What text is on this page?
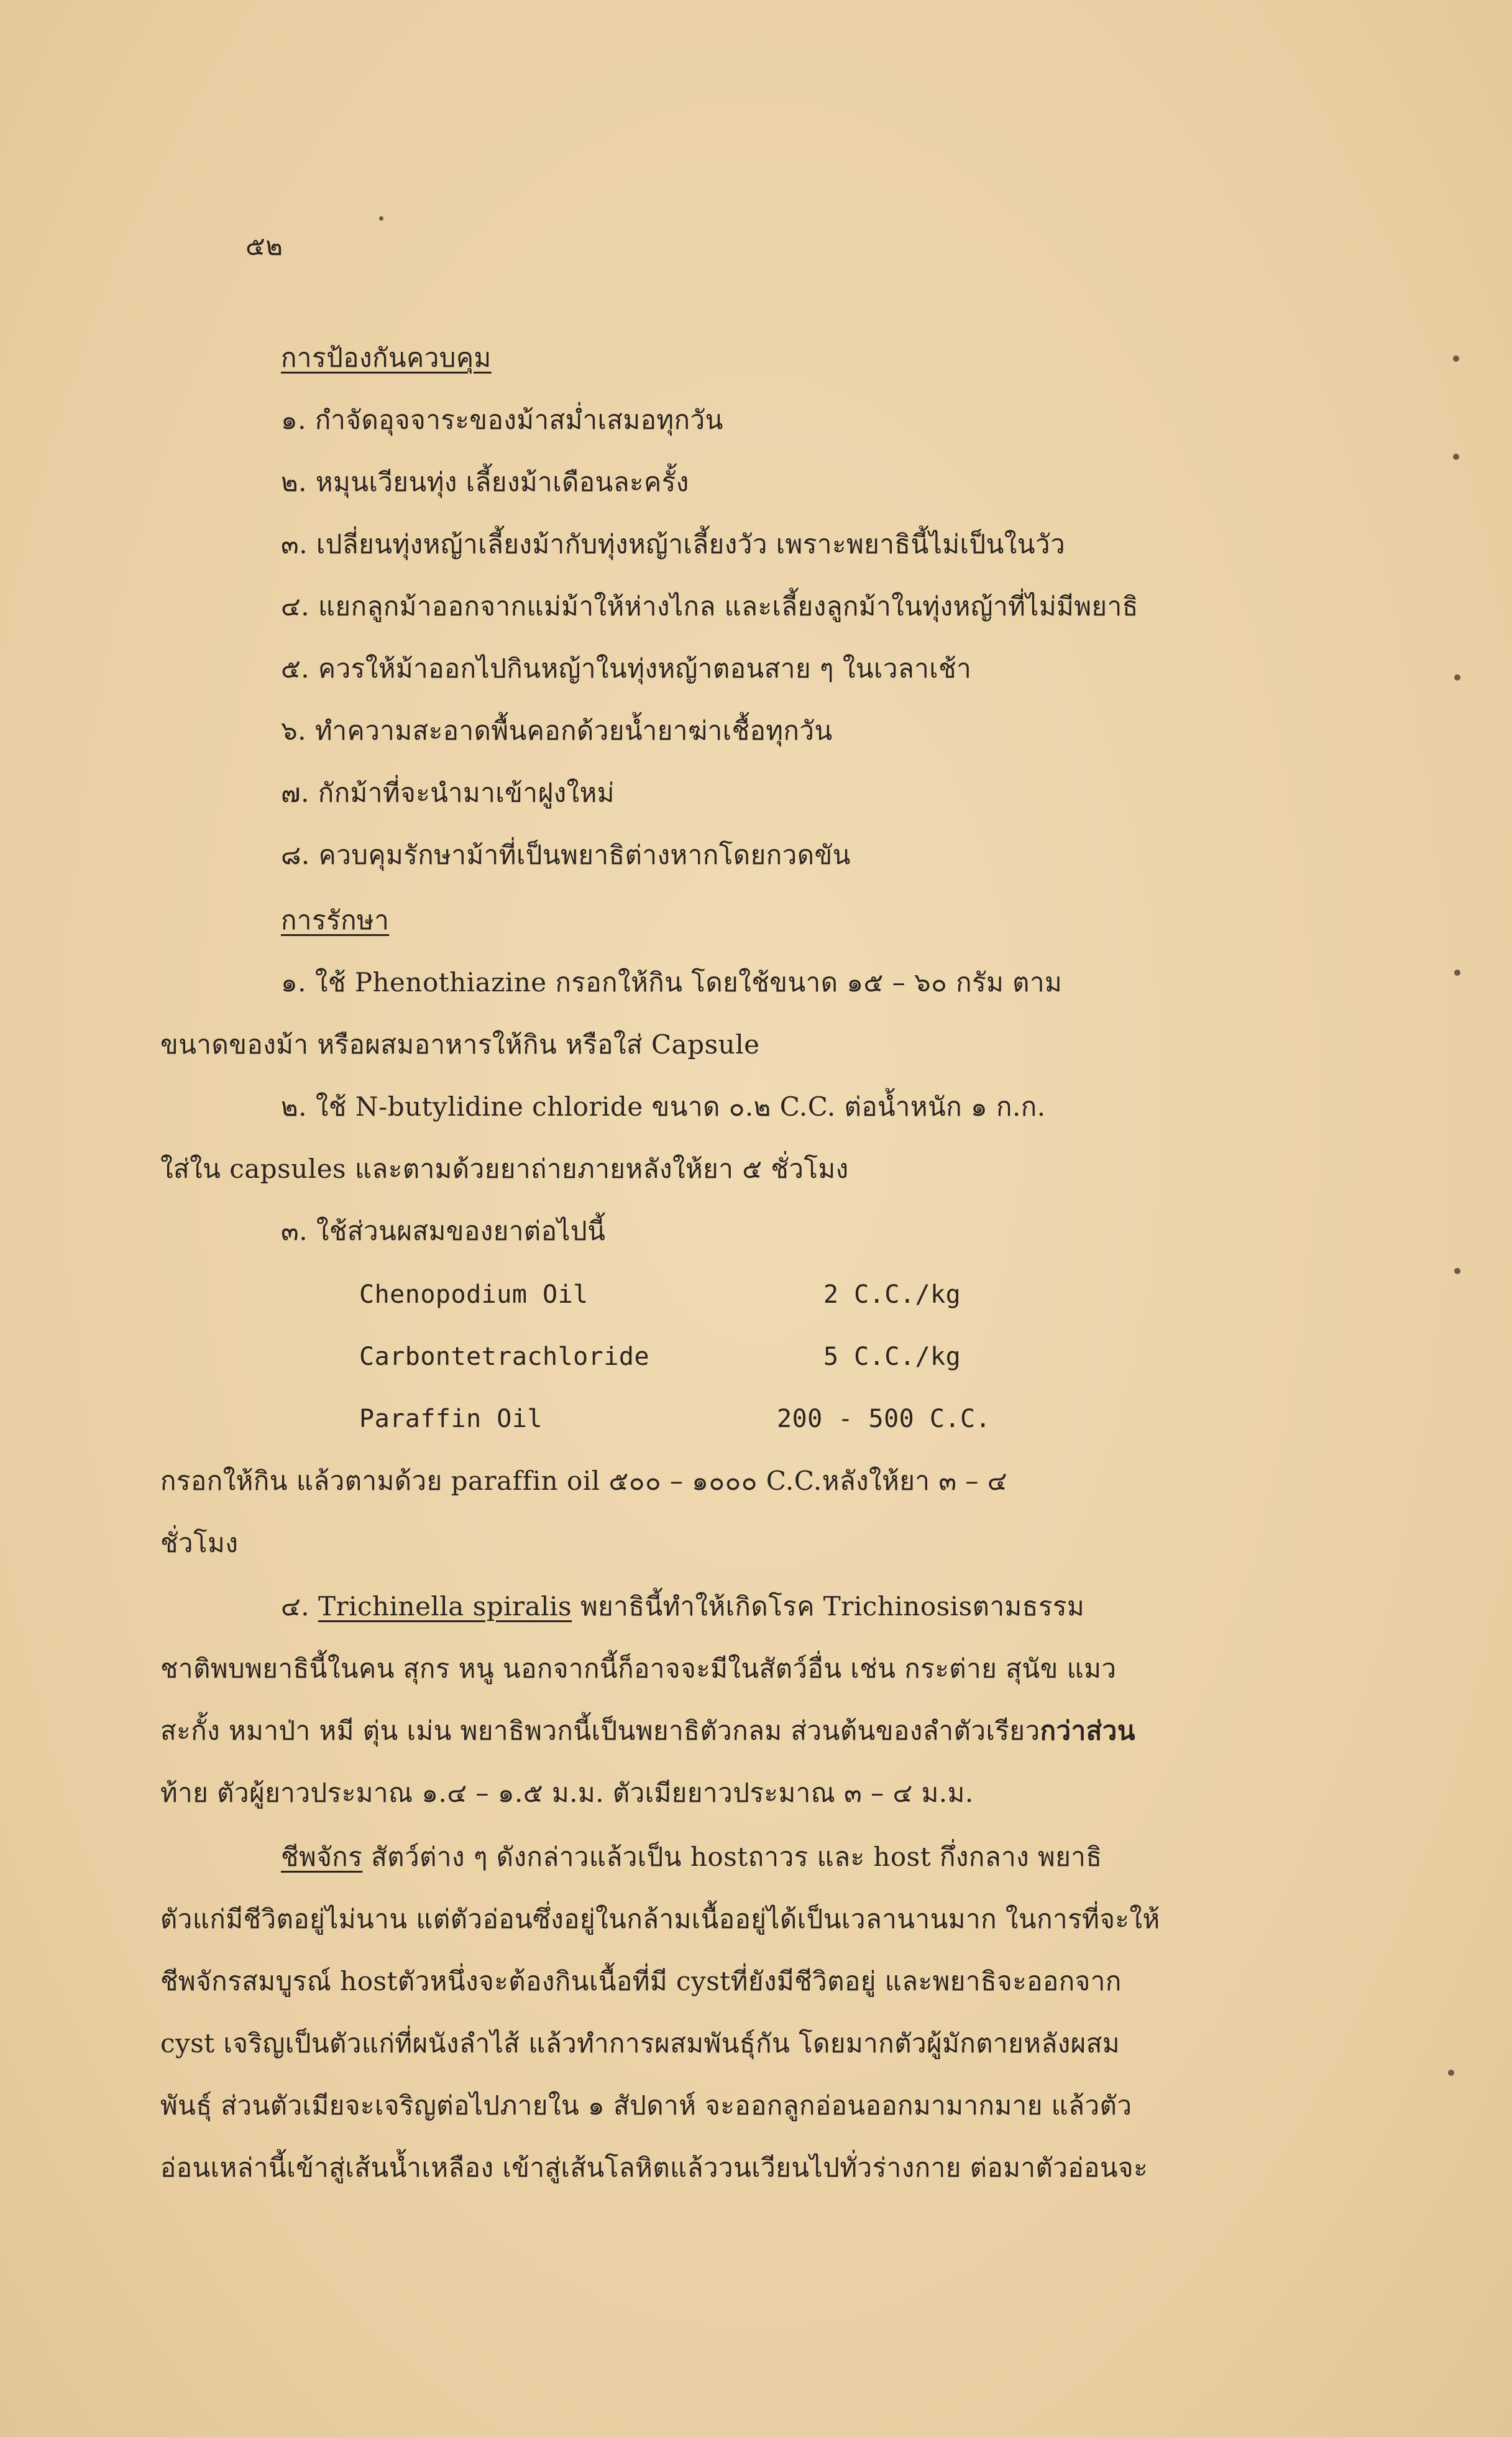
๕๒
การป้องกันควบคุม
๑. กำจัดอุจจาระของม้าสม่ำเสมอทุกวัน
๒. หมุนเวียนทุ่ง เลี้ยงม้าเดือนละครั้ง
๓. เปลี่ยนทุ่งหญ้าเลี้ยงม้ากับทุ่งหญ้าเลี้ยงวัว เพราะพยาธินี้ไม่เป็นในวัว
๔. แยกลูกม้าออกจากแม่ม้าให้ห่างไกล และเลี้ยงลูกม้าในทุ่งหญ้าที่ไม่มีพยาธิ
๕. ควรให้ม้าออกไปกินหญ้าในทุ่งหญ้าตอนสาย ๆ ในเวลาเช้า
๖. ทำความสะอาดพื้นคอกด้วยน้ำยาฆ่าเชื้อทุกวัน
๗. กักม้าที่จะนำมาเข้าฝูงใหม่
๘. ควบคุมรักษาม้าที่เป็นพยาธิต่างหากโดยกวดขัน
การรักษา
๑. ใช้ Phenothiazine กรอกให้กิน โดยใช้ขนาด ๑๕ – ๖๐ กรัม ตาม
ขนาดของม้า หรือผสมอาหารให้กิน หรือใส่ Capsule
๒. ใช้ N-butylidine chloride ขนาด ๐.๒ C.C. ต่อน้ำหนัก ๑ ก.ก.
ใส่ใน capsules และตามด้วยยาถ่ายภายหลังให้ยา ๕ ชั่วโมง
๓. ใช้ส่วนผสมของยาต่อไปนี้
Chenopodium Oil	2 C.C./kg
Carbontetrachloride	5 C.C./kg
Paraffin Oil	200 - 500 C.C.
กรอกให้กิน แล้วตามด้วย paraffin oil ๕๐๐ – ๑๐๐๐ C.C.หลังให้ยา ๓ – ๔
ชั่วโมง
๔. Trichinella spiralis พยาธินี้ทำให้เกิดโรค Trichinosisตามธรรม
ชาติพบพยาธินี้ในคน สุกร หนู นอกจากนี้ก็อาจจะมีในสัตว์อื่น เช่น กระต่าย สุนัข แมว
สะกั้ง หมาป่า หมี ตุ่น เม่น พยาธิพวกนี้เป็นพยาธิตัวกลม ส่วนต้นของลำตัวเรียวกว่าส่วน
ท้าย ตัวผู้ยาวประมาณ ๑.๔ – ๑.๕ ม.ม. ตัวเมียยาวประมาณ ๓ – ๔ ม.ม.
ชีพจักร สัตว์ต่าง ๆ ดังกล่าวแล้วเป็น hostถาวร และ host กึ่งกลาง พยาธิ
ตัวแก่มีชีวิตอยู่ไม่นาน แต่ตัวอ่อนซึ่งอยู่ในกล้ามเนื้ออยู่ได้เป็นเวลานานมาก ในการที่จะให้
ชีพจักรสมบูรณ์ hostตัวหนึ่งจะต้องกินเนื้อที่มี cystที่ยังมีชีวิตอยู่ และพยาธิจะออกจาก
cyst เจริญเป็นตัวแก่ที่ผนังลำไส้ แล้วทำการผสมพันธุ์กัน โดยมากตัวผู้มักตายหลังผสม
พันธุ์ ส่วนตัวเมียจะเจริญต่อไปภายใน ๑ สัปดาห์ จะออกลูกอ่อนออกมามากมาย แล้วตัว
อ่อนเหล่านี้เข้าสู่เส้นน้ำเหลือง เข้าสู่เส้นโลหิตแล้ววนเวียนไปทั่วร่างกาย ต่อมาตัวอ่อนจะ
